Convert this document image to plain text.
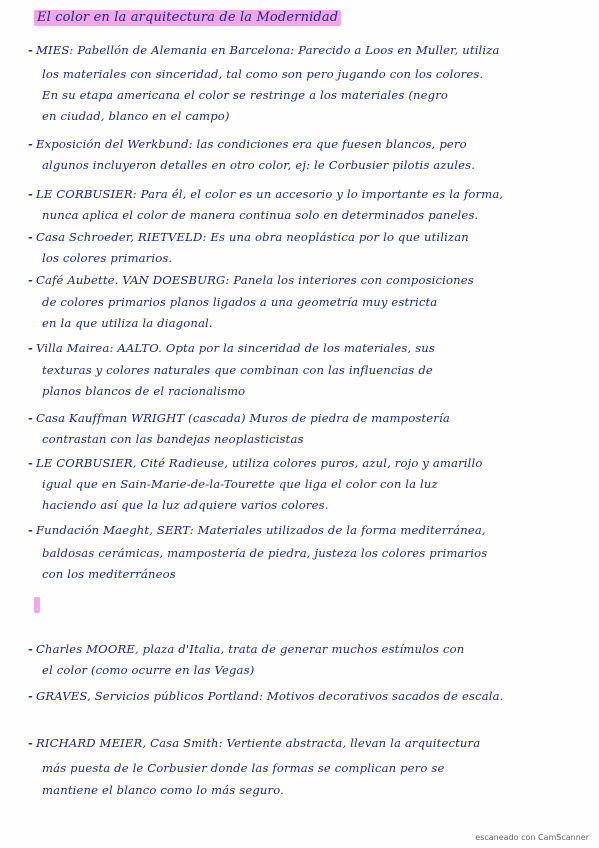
El color en la arquitectura de la Modernidad
- MIES: Pabellón de Alemania en Barcelona: Parecido a Loos en Muller, utiliza
los materiales con sinceridad, tal como son pero jugando con los colores.
En su etapa americana el color se restringe a los materiales (negro
en ciudad, blanco en el campo)
- Exposición del Werkbund: las condiciones era que fuesen blancos, pero
algunos incluyeron detalles en otro color, ej: le Corbusier pilotis azules.
- LE CORBUSIER: Para él, el color es un accesorio y lo importante es la forma,
nunca aplica el color de manera continua solo en determinados paneles.
- Casa Schroeder, RIETVELD: Es una obra neoplástica por lo que utilizan
los colores primarios.
- Café Aubette. VAN DOESBURG: Panela los interiores con composiciones
de colores primarios planos ligados a una geometría muy estricta
en la que utiliza la diagonal.
- Villa Mairea: AALTO. Opta por la sinceridad de los materiales, sus
texturas y colores naturales que combinan con las influencias de
planos blancos de el racionalismo
- Casa Kauffman WRIGHT (cascada) Muros de piedra de mampostería
contrastan con las bandejas neoplasticistas
- LE CORBUSIER, Cité Radieuse, utiliza colores puros, azul, rojo y amarillo
igual que en Sain-Marie-de-la-Tourette que liga el color con la luz
haciendo así que la luz adquiere varios colores.
- Fundación Maeght, SERT: Materiales utilizados de la forma mediterránea,
baldosas cerámicas, mampostería de piedra, justeza los colores primarios
con los mediterráneos
- Charles MOORE, plaza d'Italia, trata de generar muchos estímulos con
el color (como ocurre en las Vegas)
- GRAVES, Servicios públicos Portland: Motivos decorativos sacados de escala.
- RICHARD MEIER, Casa Smith: Vertiente abstracta, llevan la arquitectura
más puesta de le Corbusier donde las formas se complican pero se
mantiene el blanco como lo más seguro.
escaneado con CamScanner
